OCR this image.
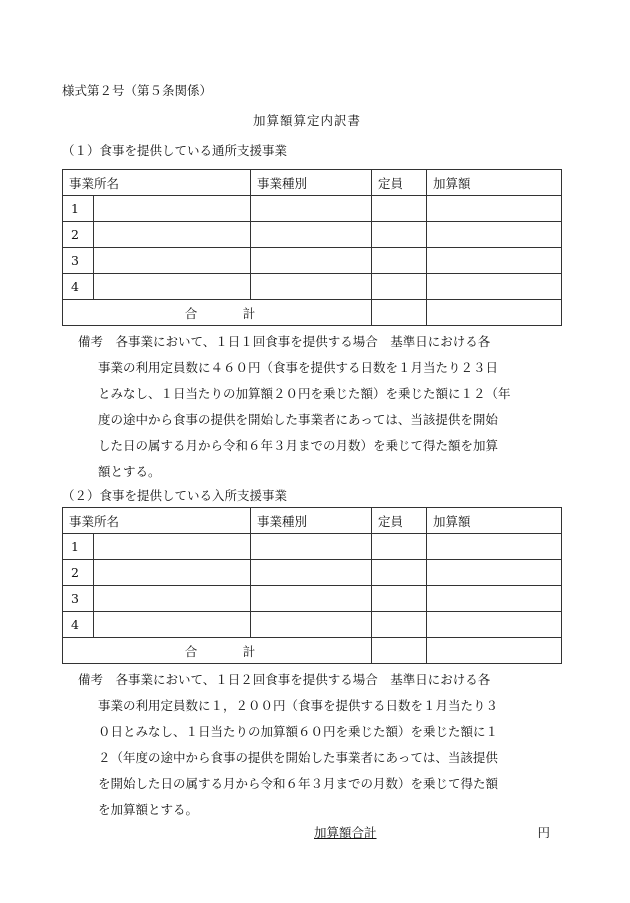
様式第２号（第５条関係）
加算額算定内訳書
（１）食事を提供している通所支援事業
事業所名		事業種別	定員	加算額
1				
2				
3				
4				
合 計				
備考　各事業において、１日１回食事を提供する場合　基準日における各
事業の利用定員数に４６０円（食事を提供する日数を１月当たり２３日
とみなし、１日当たりの加算額２０円を乗じた額）を乗じた額に１２（年
度の途中から食事の提供を開始した事業者にあっては、当該提供を開始
した日の属する月から令和６年３月までの月数）を乗じて得た額を加算
額とする。
（２）食事を提供している入所支援事業
事業所名		事業種別	定員	加算額
1				
2				
3				
4				
合 計				
備考　各事業において、１日２回食事を提供する場合　基準日における各
事業の利用定員数に１，２００円（食事を提供する日数を１月当たり３
０日とみなし、１日当たりの加算額６０円を乗じた額）を乗じた額に１
２（年度の途中から食事の提供を開始した事業者にあっては、当該提供
を開始した日の属する月から令和６年３月までの月数）を乗じて得た額
を加算額とする。
加算額合計	円
